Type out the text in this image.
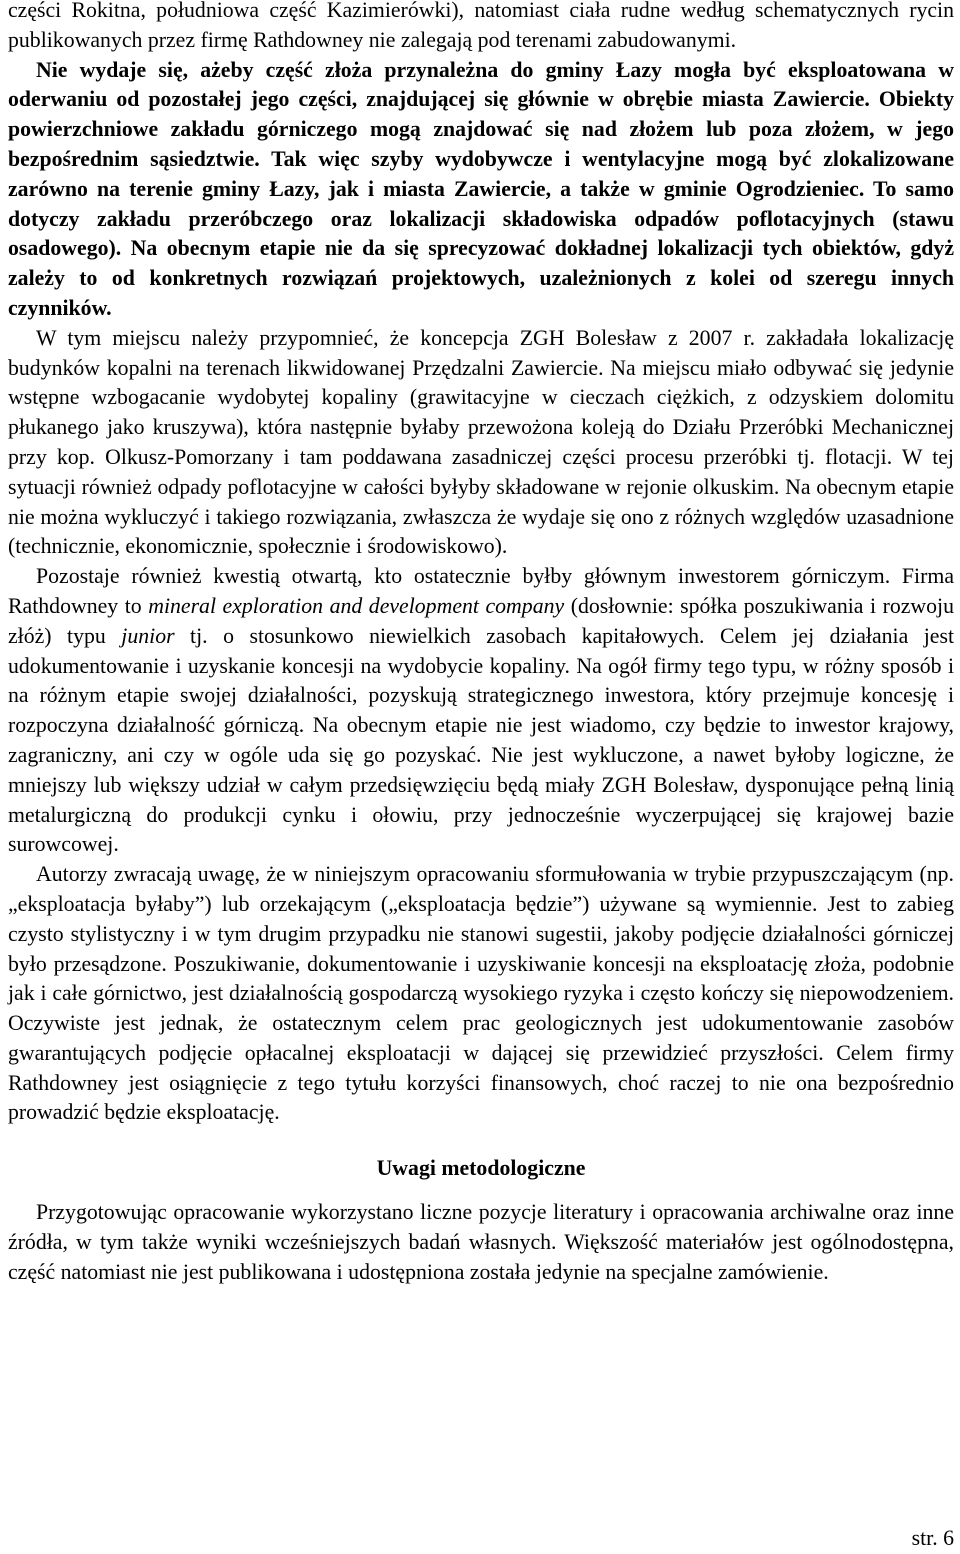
części Rokitna, południowa część Kazimierówki), natomiast ciała rudne według schematycznych rycin publikowanych przez firmę Rathdowney nie zalegają pod terenami zabudowanymi.

Nie wydaje się, ażeby część złoża przynależna do gminy Łazy mogła być eksploatowana w oderwaniu od pozostałej jego części, znajdującej się głównie w obrębie miasta Zawiercie. Obiekty powierzchniowe zakładu górniczego mogą znajdować się nad złożem lub poza złożem, w jego bezpośrednim sąsiedztwie. Tak więc szyby wydobywcze i wentylacyjne mogą być zlokalizowane zarówno na terenie gminy Łazy, jak i miasta Zawiercie, a także w gminie Ogrodzieniec. To samo dotyczy zakładu przeróbczego oraz lokalizacji składowiska odpadów poflotacyjnych (stawu osadowego). Na obecnym etapie nie da się sprecyzować dokładnej lokalizacji tych obiektów, gdyż zależy to od konkretnych rozwiązań projektowych, uzależnionych z kolei od szeregu innych czynników.

W tym miejscu należy przypomnieć, że koncepcja ZGH Bolesław z 2007 r. zakładała lokalizację budynków kopalni na terenach likwidowanej Przędzalni Zawiercie. Na miejscu miało odbywać się jedynie wstępne wzbogacanie wydobytej kopaliny (grawitacyjne w cieczach ciężkich, z odzyskiem dolomitu płukanego jako kruszywa), która następnie byłaby przewożona koleją do Działu Przeróbki Mechanicznej przy kop. Olkusz-Pomorzany i tam poddawana zasadniczej części procesu przeróbki tj. flotacji. W tej sytuacji również odpady poflotacyjne w całości byłyby składowane w rejonie olkuskim. Na obecnym etapie nie można wykluczyć i takiego rozwiązania, zwłaszcza że wydaje się ono z różnych względów uzasadnione (technicznie, ekonomicznie, społecznie i środowiskowo).

Pozostaje również kwestią otwartą, kto ostatecznie byłby głównym inwestorem górniczym. Firma Rathdowney to mineral exploration and development company (dosłownie: spółka poszukiwania i rozwoju złóż) typu junior tj. o stosunkowo niewielkich zasobach kapitałowych. Celem jej działania jest udokumentowanie i uzyskanie koncesji na wydobycie kopaliny. Na ogół firmy tego typu, w różny sposób i na różnym etapie swojej działalności, pozyskują strategicznego inwestora, który przejmuje koncesję i rozpoczyna działalność górniczą. Na obecnym etapie nie jest wiadomo, czy będzie to inwestor krajowy, zagraniczny, ani czy w ogóle uda się go pozyskać. Nie jest wykluczone, a nawet byłoby logiczne, że mniejszy lub większy udział w całym przedsięwzięciu będą miały ZGH Bolesław, dysponujące pełną linią metalurgiczną do produkcji cynku i ołowiu, przy jednocześnie wyczerpującej się krajowej bazie surowcowej.

Autorzy zwracają uwagę, że w niniejszym opracowaniu sformułowania w trybie przypuszczającym (np. „eksploatacja byłaby”) lub orzekającym („eksploatacja będzie”) używane są wymiennie. Jest to zabieg czysto stylistyczny i w tym drugim przypadku nie stanowi sugestii, jakoby podjęcie działalności górniczej było przesądzone. Poszukiwanie, dokumentowanie i uzyskiwanie koncesji na eksploatację złoża, podobnie jak i całe górnictwo, jest działalnością gospodarczą wysokiego ryzyka i często kończy się niepowodzeniem. Oczywiste jest jednak, że ostatecznym celem prac geologicznych jest udokumentowanie zasobów gwarantujących podjęcie opłacalnej eksploatacji w dającej się przewidzieć przyszłości. Celem firmy Rathdowney jest osiągnięcie z tego tytułu korzyści finansowych, choć raczej to nie ona bezpośrednio prowadzić będzie eksploatację.

Uwagi metodologiczne

Przygotowując opracowanie wykorzystano liczne pozycje literatury i opracowania archiwalne oraz inne źródła, w tym także wyniki wcześniejszych badań własnych. Większość materiałów jest ogólnodostępna, część natomiast nie jest publikowana i udostępniona została jedynie na specjalne zamówienie.

str. 6
